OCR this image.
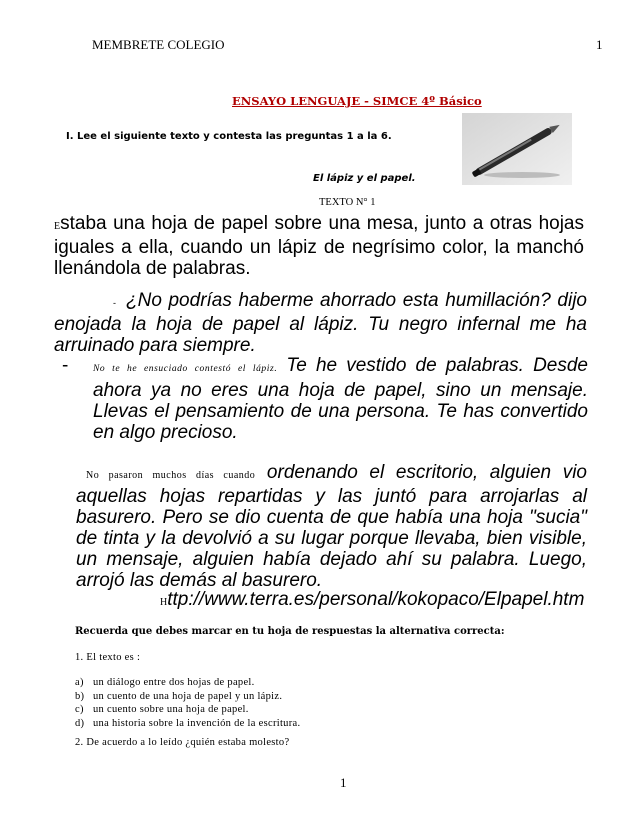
MEMBRETE COLEGIO	1
ENSAYO LENGUAJE - SIMCE 4º Básico
I. Lee el siguiente texto y contesta las preguntas 1 a la 6.
El lápiz y el papel.
TEXTO N° 1
Estaba una hoja de papel sobre una mesa, junto a otras hojas
iguales a ella, cuando un lápiz de negrísimo color, la manchó
llenándola de palabras.
- ¿No podrías haberme ahorrado esta humillación? dijo
enojada la hoja de papel al lápiz. Tu negro infernal me ha
arruinado para siempre.
-	No te he ensuciado contestó el lápiz. Te he vestido de palabras. Desde
ahora ya no eres una hoja de papel, sino un mensaje.
Llevas el pensamiento de una persona. Te has convertido
en algo precioso.
No pasaron muchos días cuando ordenando el escritorio, alguien vio
aquellas hojas repartidas y las juntó para arrojarlas al
basurero. Pero se dio cuenta de que había una hoja "sucia"
de tinta y la devolvió a su lugar porque llevaba, bien visible,
un mensaje, alguien había dejado ahí su palabra. Luego,
arrojó las demás al basurero.
Http://www.terra.es/personal/kokopaco/Elpapel.htm
Recuerda que debes marcar en tu hoja de respuestas la alternativa correcta:
1. El texto es :
a) un diálogo entre dos hojas de papel.
b) un cuento de una hoja de papel y un lápiz.
c) un cuento sobre una hoja de papel.
d) una historia sobre la invención de la escritura.
2. De acuerdo a lo leído ¿quién estaba molesto?
1
